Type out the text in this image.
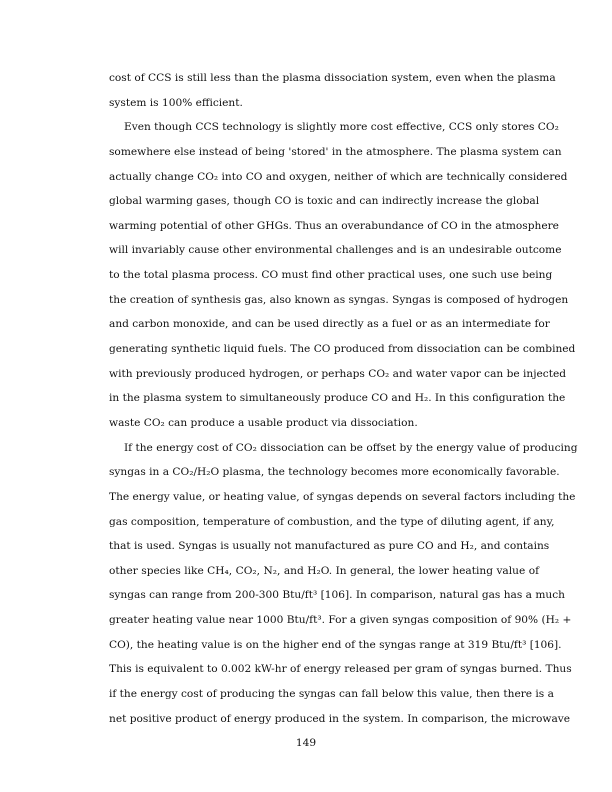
cost of CCS is still less than the plasma dissociation system, even when the plasma
system is 100% efficient.
Even though CCS technology is slightly more cost effective, CCS only stores CO₂
somewhere else instead of being 'stored' in the atmosphere. The plasma system can
actually change CO₂ into CO and oxygen, neither of which are technically considered
global warming gases, though CO is toxic and can indirectly increase the global
warming potential of other GHGs. Thus an overabundance of CO in the atmosphere
will invariably cause other environmental challenges and is an undesirable outcome
to the total plasma process. CO must find other practical uses, one such use being
the creation of synthesis gas, also known as syngas. Syngas is composed of hydrogen
and carbon monoxide, and can be used directly as a fuel or as an intermediate for
generating synthetic liquid fuels. The CO produced from dissociation can be combined
with previously produced hydrogen, or perhaps CO₂ and water vapor can be injected
in the plasma system to simultaneously produce CO and H₂. In this configuration the
waste CO₂ can produce a usable product via dissociation.
If the energy cost of CO₂ dissociation can be offset by the energy value of producing
syngas in a CO₂/H₂O plasma, the technology becomes more economically favorable.
The energy value, or heating value, of syngas depends on several factors including the
gas composition, temperature of combustion, and the type of diluting agent, if any,
that is used. Syngas is usually not manufactured as pure CO and H₂, and contains
other species like CH₄, CO₂, N₂, and H₂O. In general, the lower heating value of
syngas can range from 200-300 Btu/ft³ [106]. In comparison, natural gas has a much
greater heating value near 1000 Btu/ft³. For a given syngas composition of 90% (H₂ +
CO), the heating value is on the higher end of the syngas range at 319 Btu/ft³ [106].
This is equivalent to 0.002 kW-hr of energy released per gram of syngas burned. Thus
if the energy cost of producing the syngas can fall below this value, then there is a
net positive product of energy produced in the system. In comparison, the microwave
149
